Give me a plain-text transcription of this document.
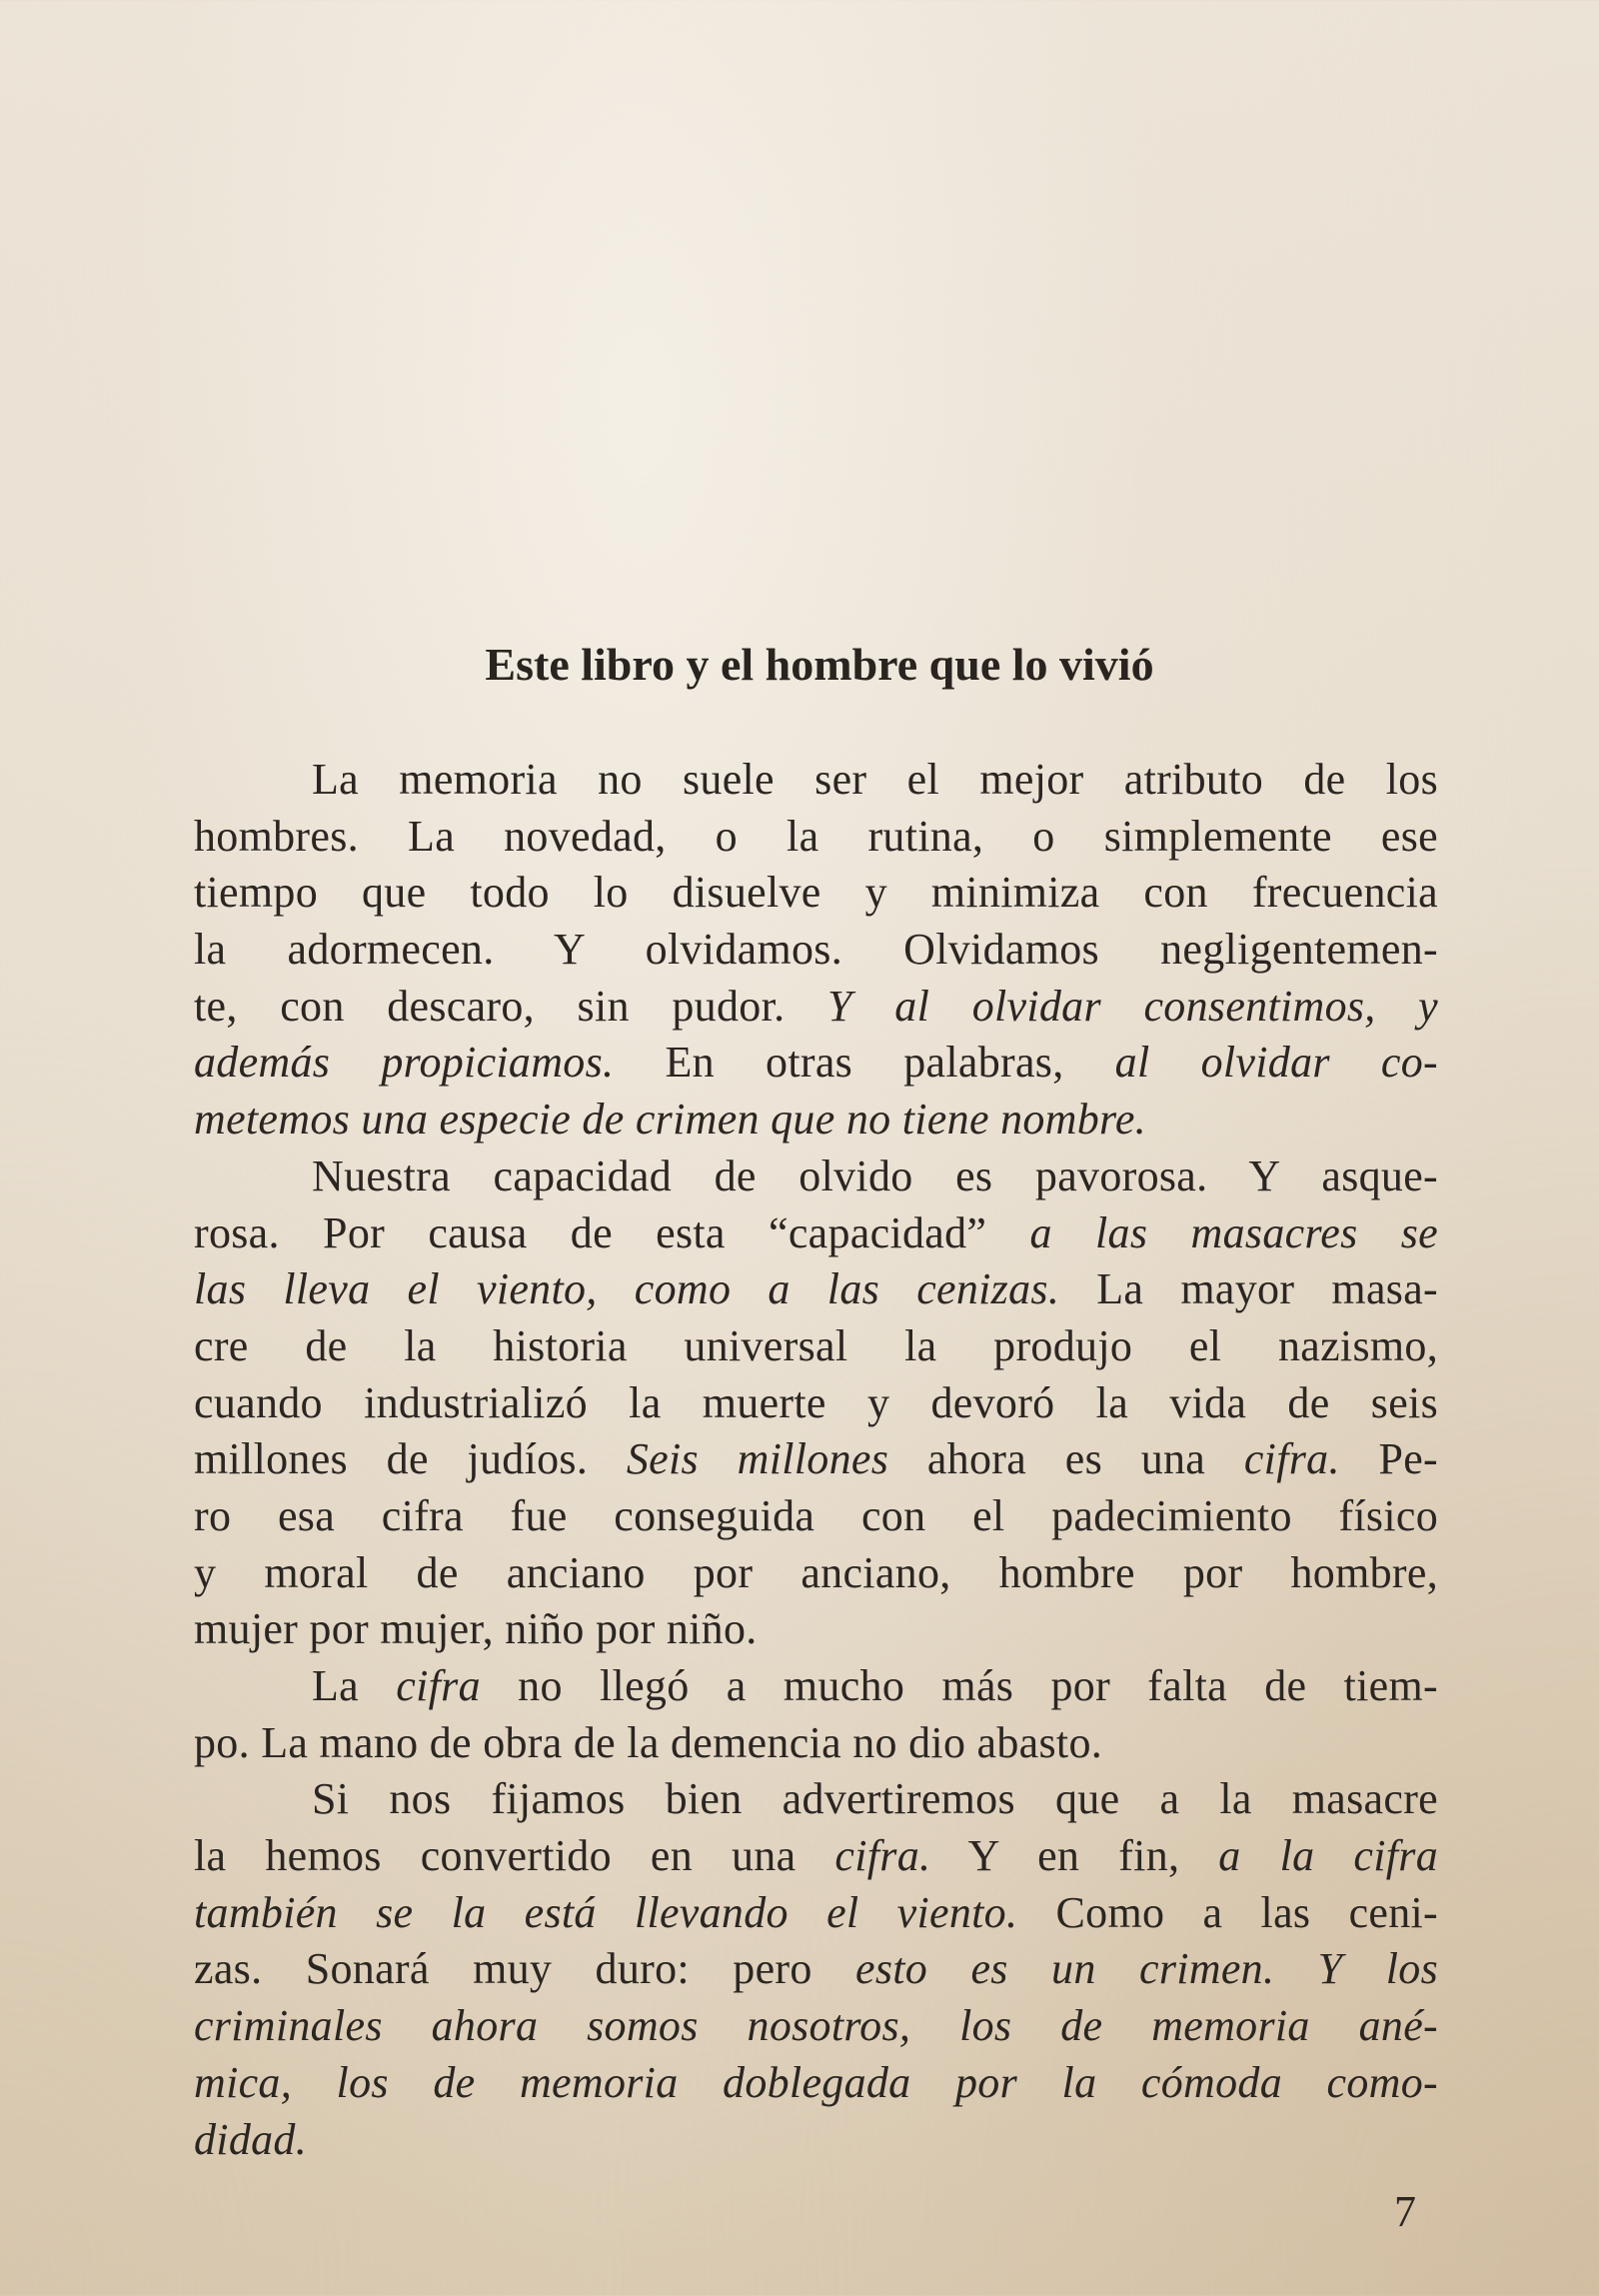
Este libro y el hombre que lo vivió
La memoria no suele ser el mejor atributo de los
hombres. La novedad, o la rutina, o simplemente ese
tiempo que todo lo disuelve y minimiza con frecuencia
la adormecen. Y olvidamos. Olvidamos negligentemen-
te, con descaro, sin pudor. Y al olvidar consentimos, y
además propiciamos. En otras palabras, al olvidar co-
metemos una especie de crimen que no tiene nombre.
Nuestra capacidad de olvido es pavorosa. Y asque-
rosa. Por causa de esta “capacidad” a las masacres se
las lleva el viento, como a las cenizas. La mayor masa-
cre de la historia universal la produjo el nazismo,
cuando industrializó la muerte y devoró la vida de seis
millones de judíos. Seis millones ahora es una cifra. Pe-
ro esa cifra fue conseguida con el padecimiento físico
y moral de anciano por anciano, hombre por hombre,
mujer por mujer, niño por niño.
La cifra no llegó a mucho más por falta de tiem-
po. La mano de obra de la demencia no dio abasto.
Si nos fijamos bien advertiremos que a la masacre
la hemos convertido en una cifra. Y en fin, a la cifra
también se la está llevando el viento. Como a las ceni-
zas. Sonará muy duro: pero esto es un crimen. Y los
criminales ahora somos nosotros, los de memoria ané-
mica, los de memoria doblegada por la cómoda como-
didad.
7
